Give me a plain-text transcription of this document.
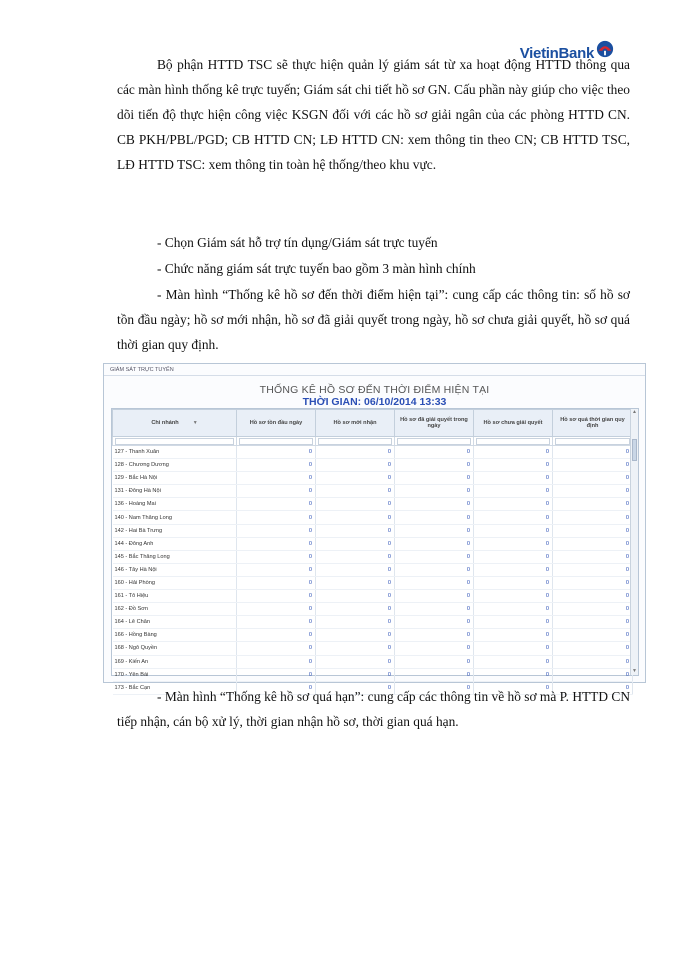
VietinBank
Bộ phận HTTD TSC sẽ thực hiện quản lý giám sát từ xa hoạt động HTTD thông qua các màn hình thống kê trực tuyến; Giám sát chi tiết hồ sơ GN. Cấu phần này giúp cho việc theo dõi tiến độ thực hiện công việc KSGN đối với các hồ sơ giải ngân của các phòng HTTD CN. CB PKH/PBL/PGD; CB HTTD CN; LĐ HTTD CN: xem thông tin theo CN; CB HTTD TSC, LĐ HTTD TSC: xem thông tin toàn hệ thống/theo khu vực.
- Chọn Giám sát hỗ trợ tín dụng/Giám sát trực tuyến
- Chức năng giám sát trực tuyến bao gồm 3 màn hình chính
- Màn hình “Thống kê hồ sơ đến thời điểm hiện tại”: cung cấp các thông tin: số hồ sơ tồn đầu ngày; hồ sơ mới nhận, hồ sơ đã giải quyết trong ngày, hồ sơ chưa giải quyết, hồ sơ quá thời gian quy định.
GIÁM SÁT TRỰC TUYẾN
THỐNG KÊ HỒ SƠ ĐẾN THỜI ĐIỂM HIỆN TẠI
THỜI GIAN: 06/10/2014 13:33
Chi nhánh ▼	Hồ sơ tồn đầu ngày	Hồ sơ mới nhận	Hồ sơ đã giải quyết trong ngày	Hồ sơ chưa giải quyết	Hồ sơ quá thời gian quy định

127 - Thanh Xuân	0	0	0	0	0
128 - Chương Dương	0	0	0	0	0
129 - Bắc Hà Nội	0	0	0	0	0
131 - Đông Hà Nội	0	0	0	0	0
136 - Hoàng Mai	0	0	0	0	0
140 - Nam Thăng Long	0	0	0	0	0
142 - Hai Bà Trưng	0	0	0	0	0
144 - Đông Anh	0	0	0	0	0
145 - Bắc Thăng Long	0	0	0	0	0
146 - Tây Hà Nội	0	0	0	0	0
160 - Hải Phòng	0	0	0	0	0
161 - Tô Hiệu	0	0	0	0	0
162 - Đồ Sơn	0	0	0	0	0
164 - Lê Chân	0	0	0	0	0
166 - Hồng Bàng	0	0	0	0	0
168 - Ngô Quyền	0	0	0	0	0
169 - Kiến An	0	0	0	0	0
170 - Yên Bái	0	0	0	0	0
173 - Bắc Cạn	0	0	0	0	0
▲
▼
- Màn hình “Thống kê hồ sơ quá hạn”: cung cấp các thông tin về hồ sơ mà P. HTTD CN tiếp nhận, cán bộ xử lý, thời gian nhận hồ sơ, thời gian quá hạn.
